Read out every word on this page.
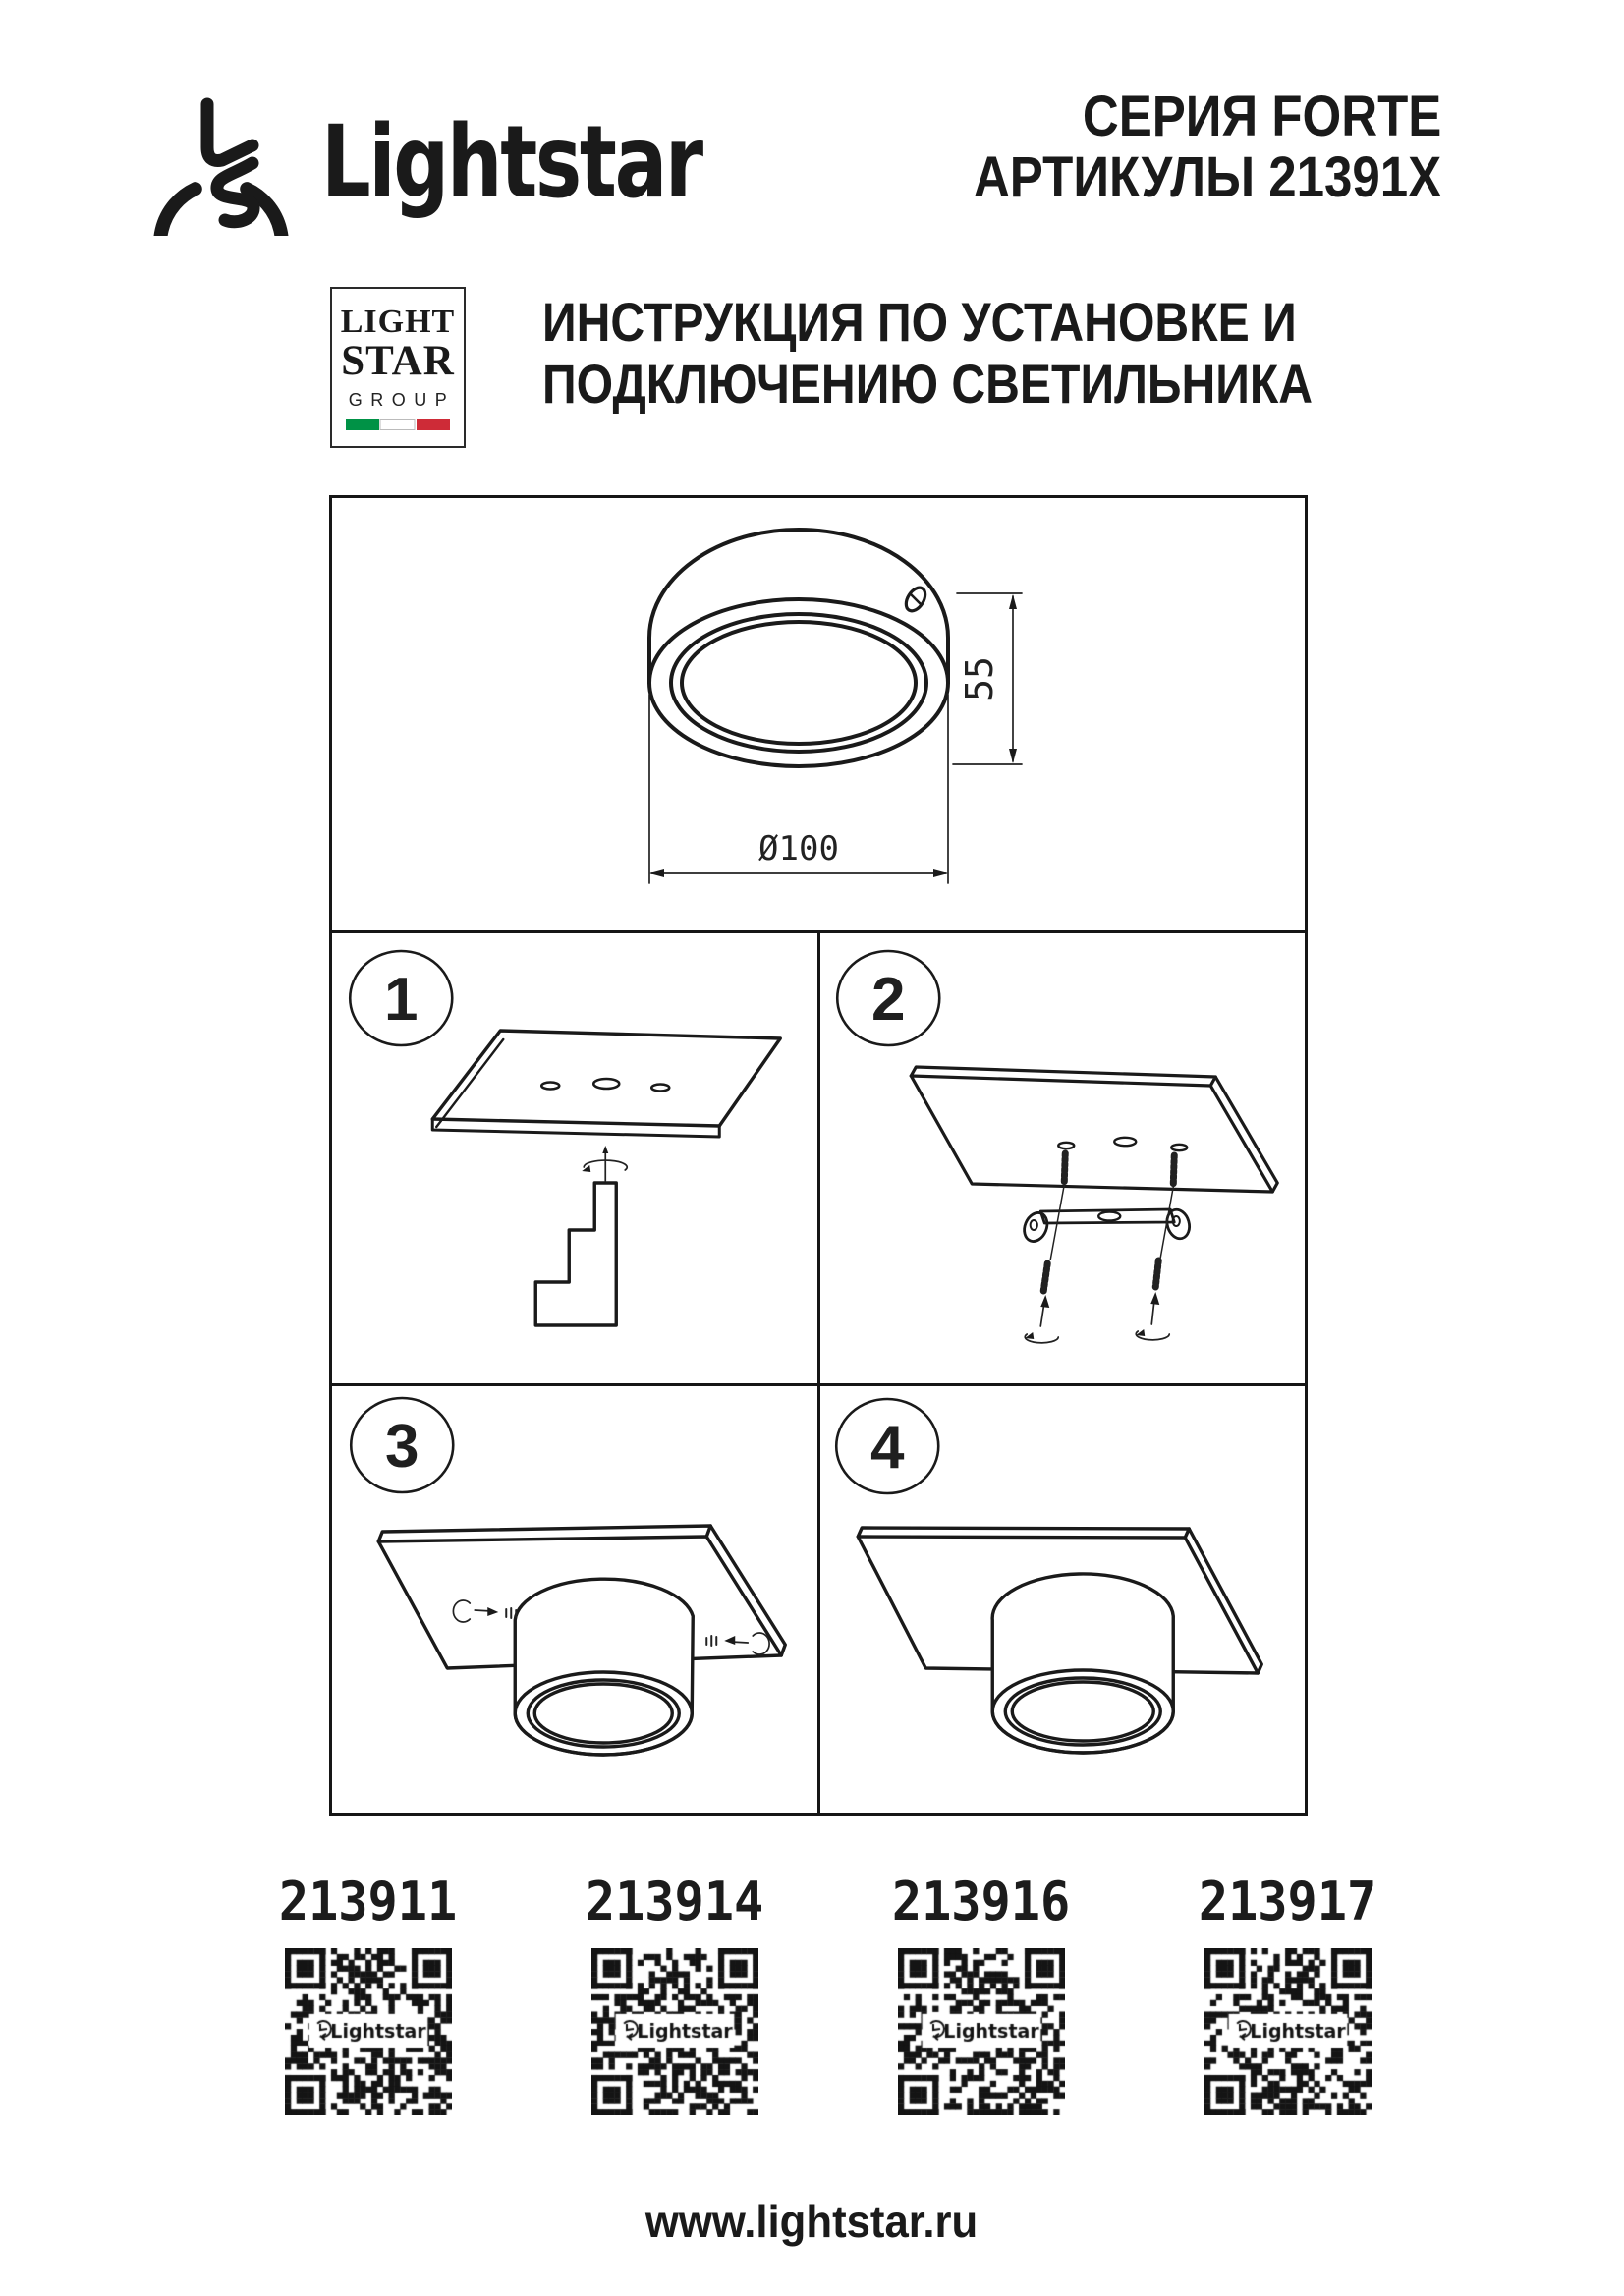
Lightstar	СЕРИЯ FORTE
АРТИКУЛЫ 21391X
LIGHT
STAR
GROUP
ИНСТРУКЦИЯ ПО УСТАНОВКЕ И
ПОДКЛЮЧЕНИЮ СВЕТИЛЬНИКА
55
Ø100
1	2
3	4
213911	213914	213916	213917
www.lightstar.ru
